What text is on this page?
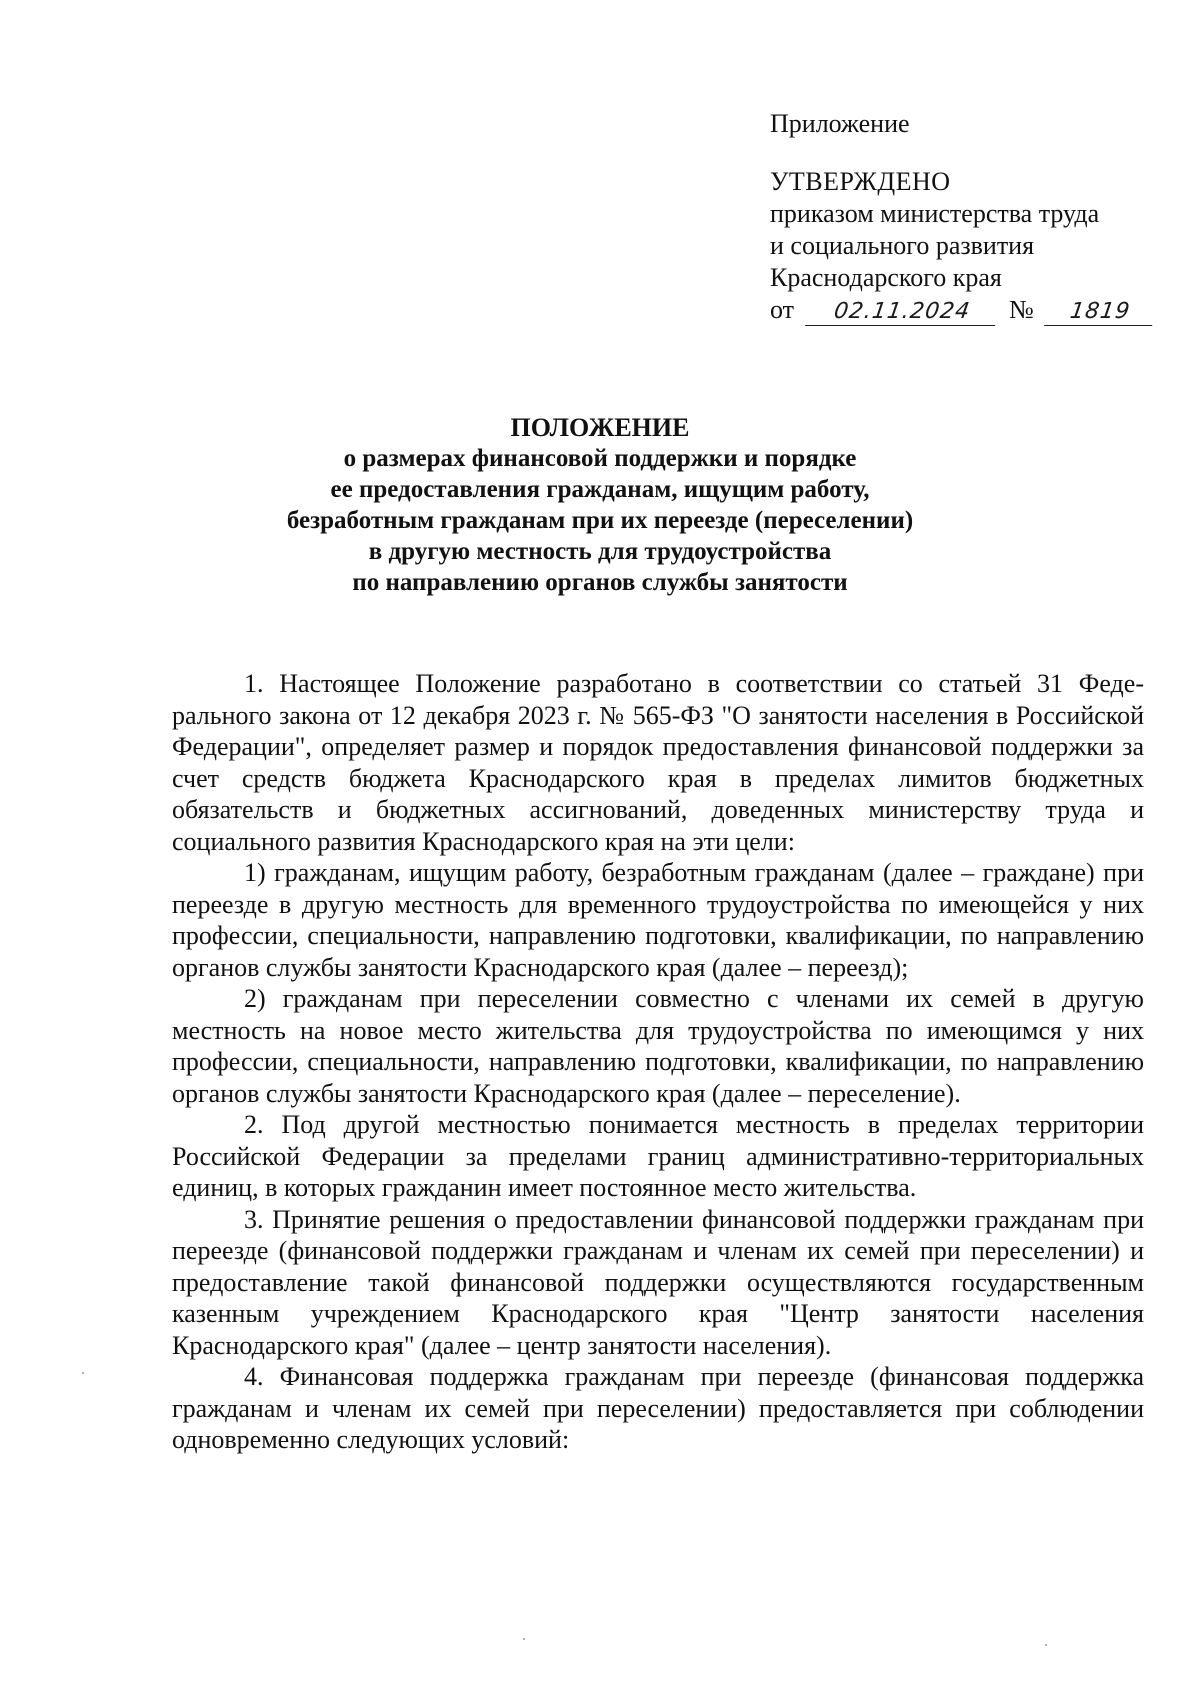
Приложение
УТВЕРЖДЕНО
приказом министерства труда
и социального развития
Краснодарского края
от 02.11.2024 № 1819
ПОЛОЖЕНИЕ
о размерах финансовой поддержки и порядке
ее предоставления гражданам, ищущим работу,
безработным гражданам при их переезде (переселении)
в другую местность для трудоустройства
по направлению органов службы занятости

1. Настоящее Положение разработано в соответствии со статьей 31 Федерального закона от 12 декабря 2023 г. № 565-ФЗ "О занятости населения в Российской Федерации", определяет размер и порядок предоставления финансовой поддержки за счет средств бюджета Краснодарского края в пределах лимитов бюджетных обязательств и бюджетных ассигнований, доведенных министерству труда и социального развития Краснодарского края на эти цели:

1) гражданам, ищущим работу, безработным гражданам (далее – граждане) при переезде в другую местность для временного трудоустройства по имеющейся у них профессии, специальности, направлению подготовки, квалификации, по направлению органов службы занятости Краснодарского края (далее – переезд);

2) гражданам при переселении совместно с членами их семей в другую местность на новое место жительства для трудоустройства по имеющимся у них профессии, специальности, направлению подготовки, квалификации, по направлению органов службы занятости Краснодарского края (далее – переселение).

2. Под другой местностью понимается местность в пределах территории Российской Федерации за пределами границ административно-территориальных единиц, в которых гражданин имеет постоянное место жительства.

3. Принятие решения о предоставлении финансовой поддержки гражданам при переезде (финансовой поддержки гражданам и членам их семей при переселении) и предоставление такой финансовой поддержки осуществляются государственным казенным учреждением Краснодарского края "Центр занятости населения Краснодарского края" (далее – центр занятости населения).

4. Финансовая поддержка гражданам при переезде (финансовая поддержка гражданам и членам их семей при переселении) предоставляется при соблюдении одновременно следующих условий:
